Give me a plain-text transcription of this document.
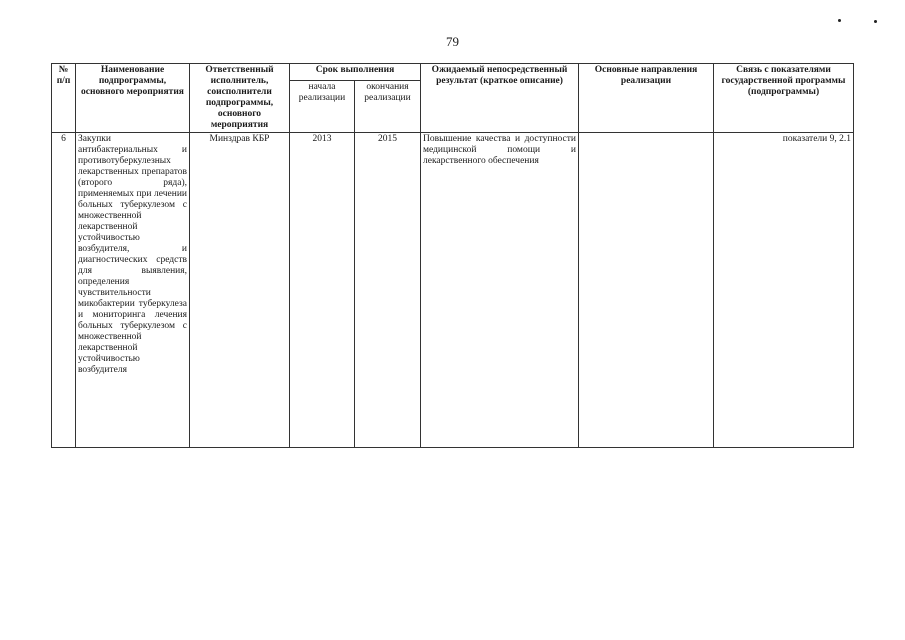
79
№ п/п	Наименование подпрограммы, основного мероприятия	Ответственный исполнитель, соисполнители подпрограммы, основного мероприятия	Срок выполнения		Ожидаемый непосредственный результат (краткое описание)	Основные направления реализации	Связь с показателями государственной программы (подпрограммы)
			начала реализации	окончания реализации			
6	Закупки антибактериальных и противотуберкулезных лекарственных препаратов (второго ряда), применяемых при лечении больных туберкулезом с множественной лекарственной устойчивостью возбудителя, и диагностических средств для выявления, определения чувствительности микобактерии туберкулеза и мониторинга лечения больных туберкулезом с множественной лекарственной устойчивостью возбудителя	Минздрав КБР	2013	2015	Повышение качества и доступности медицинской помощи и лекарственного обеспечения		показатели 9, 2.1
